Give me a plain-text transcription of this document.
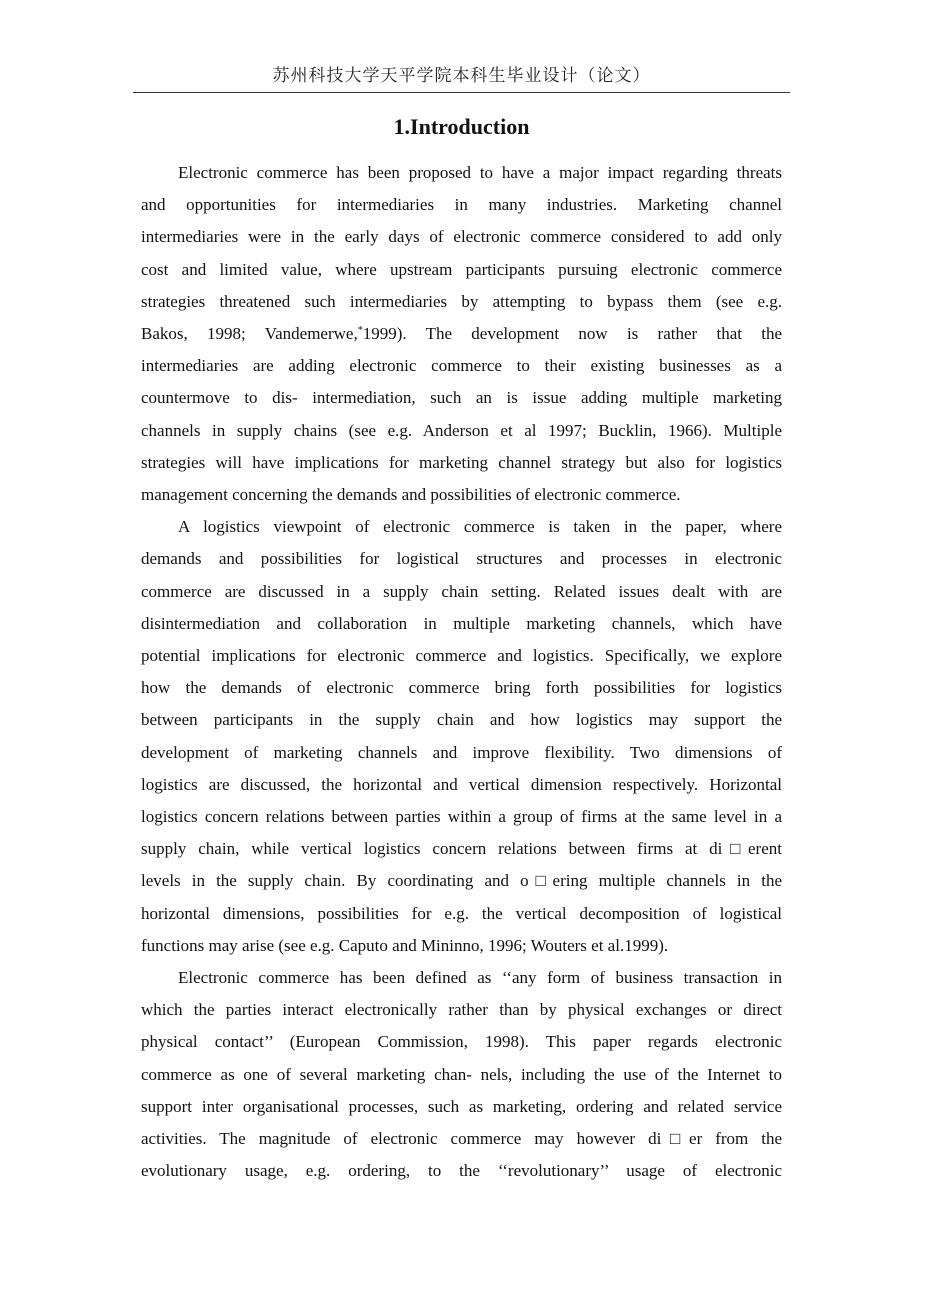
苏州科技大学天平学院本科生毕业设计（论文）
1.Introduction

Electronic commerce has been proposed to have a major impact regarding threats
and opportunities for intermediaries in many industries. Marketing channel
intermediaries were in the early days of electronic commerce considered to add only
cost and limited value, where upstream participants pursuing electronic commerce
strategies threatened such intermediaries by attempting to bypass them (see e.g.
Bakos, 1998; Vandemerwe,*1999). The development now is rather that the
intermediaries are adding electronic commerce to their existing businesses as a
countermove to dis- intermediation, such an is issue adding multiple marketing
channels in supply chains (see e.g. Anderson et al 1997; Bucklin, 1966). Multiple
strategies will have implications for marketing channel strategy but also for logistics
management concerning the demands and possibilities of electronic commerce.

A logistics viewpoint of electronic commerce is taken in the paper, where
demands and possibilities for logistical structures and processes in electronic
commerce are discussed in a supply chain setting. Related issues dealt with are
disintermediation and collaboration in multiple marketing channels, which have
potential implications for electronic commerce and logistics. Specifically, we explore
how the demands of electronic commerce bring forth possibilities for logistics
between participants in the supply chain and how logistics may support the
development of marketing channels and improve flexibility. Two dimensions of
logistics are discussed, the horizontal and vertical dimension respectively. Horizontal
logistics concern relations between parties within a group of firms at the same level in a
supply chain, while vertical logistics concern relations between firms at di□erent
levels in the supply chain. By coordinating and o□ering multiple channels in the
horizontal dimensions, possibilities for e.g. the vertical decomposition of logistical
functions may arise (see e.g. Caputo and Mininno, 1996; Wouters et al.1999).

Electronic commerce has been defined as ‘‘any form of business transaction in
which the parties interact electronically rather than by physical exchanges or direct
physical contact’’ (European Commission, 1998). This paper regards electronic
commerce as one of several marketing chan- nels, including the use of the Internet to
support inter organisational processes, such as marketing, ordering and related service
activities. The magnitude of electronic commerce may however di□er from the
evolutionary usage, e.g. ordering, to the ‘‘revolutionary’’ usage of electronic
